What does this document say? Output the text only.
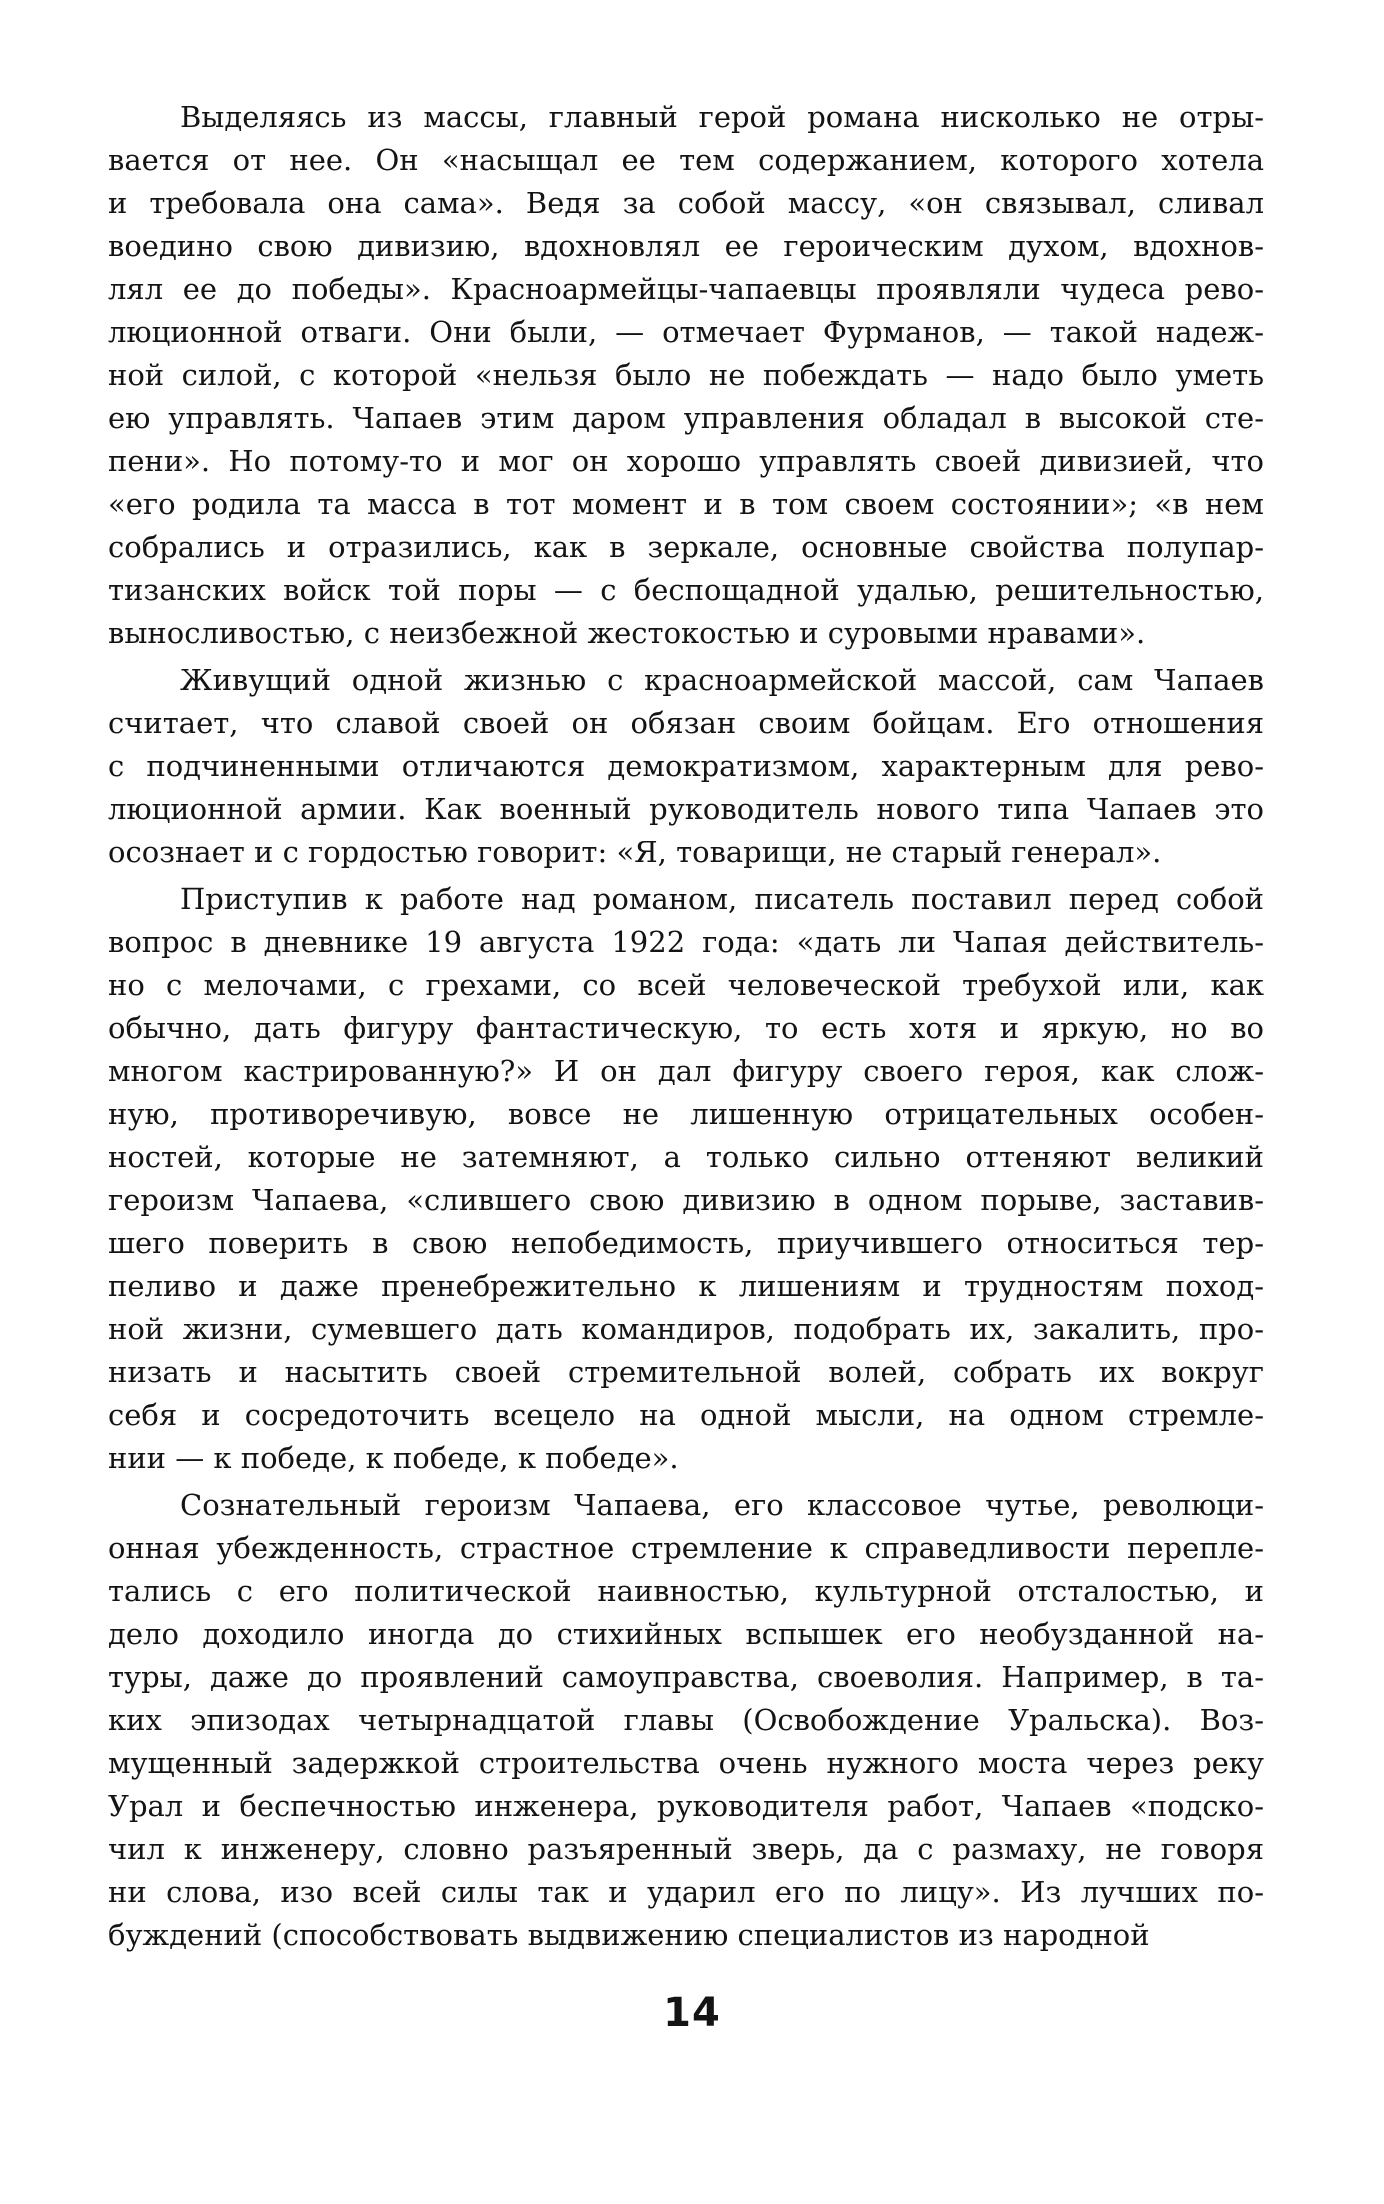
Выделяясь из массы, главный герой романа нисколько не отры-
вается от нее. Он «насыщал ее тем содержанием, которого хотела
и требовала она сама». Ведя за собой массу, «он связывал, сливал
воедино свою дивизию, вдохновлял ее героическим духом, вдохнов-
лял ее до победы». Красноармейцы-чапаевцы проявляли чудеса рево-
люционной отваги. Они были, — отмечает Фурманов, — такой надеж-
ной силой, с которой «нельзя было не побеждать — надо было уметь
ею управлять. Чапаев этим даром управления обладал в высокой сте-
пени». Но потому-то и мог он хорошо управлять своей дивизией, что
«его родила та масса в тот момент и в том своем состоянии»; «в нем
собрались и отразились, как в зеркале, основные свойства полупар-
тизанских войск той поры — с беспощадной удалью, решительностью,
выносливостью, с неизбежной жестокостью и суровыми нравами».
Живущий одной жизнью с красноармейской массой, сам Чапаев
считает, что славой своей он обязан своим бойцам. Его отношения
с подчиненными отличаются демократизмом, характерным для рево-
люционной армии. Как военный руководитель нового типа Чапаев это
осознает и с гордостью говорит: «Я, товарищи, не старый генерал».
Приступив к работе над романом, писатель поставил перед собой
вопрос в дневнике 19 августа 1922 года: «дать ли Чапая действитель-
но с мелочами, с грехами, со всей человеческой требухой или, как
обычно, дать фигуру фантастическую, то есть хотя и яркую, но во
многом кастрированную?» И он дал фигуру своего героя, как слож-
ную, противоречивую, вовсе не лишенную отрицательных особен-
ностей, которые не затемняют, а только сильно оттеняют великий
героизм Чапаева, «слившего свою дивизию в одном порыве, заставив-
шего поверить в свою непобедимость, приучившего относиться тер-
пеливо и даже пренебрежительно к лишениям и трудностям поход-
ной жизни, сумевшего дать командиров, подобрать их, закалить, про-
низать и насытить своей стремительной волей, собрать их вокруг
себя и сосредоточить всецело на одной мысли, на одном стремле-
нии — к победе, к победе, к победе».
Сознательный героизм Чапаева, его классовое чутье, революци-
онная убежденность, страстное стремление к справедливости перепле-
тались с его политической наивностью, культурной отсталостью, и
дело доходило иногда до стихийных вспышек его необузданной на-
туры, даже до проявлений самоуправства, своеволия. Например, в та-
ких эпизодах четырнадцатой главы (Освобождение Уральска). Воз-
мущенный задержкой строительства очень нужного моста через реку
Урал и беспечностью инженера, руководителя работ, Чапаев «подско-
чил к инженеру, словно разъяренный зверь, да с размаху, не говоря
ни слова, изо всей силы так и ударил его по лицу». Из лучших по-
буждений (способствовать выдвижению специалистов из народной
14
